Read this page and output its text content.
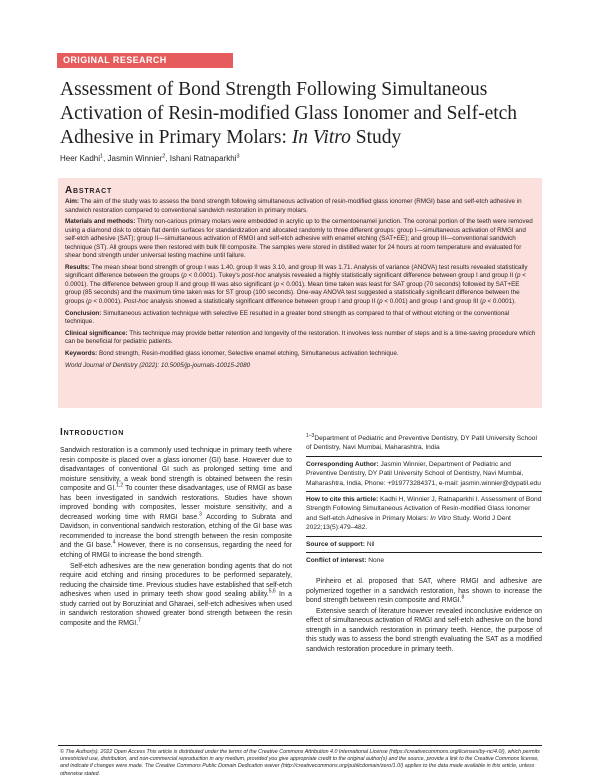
ORIGINAL RESEARCH
Assessment of Bond Strength Following Simultaneous Activation of Resin-modified Glass Ionomer and Self-etch Adhesive in Primary Molars: In Vitro Study
Heer Kadhi$^1$, Jasmin Winnier$^2$, Ishani Ratnaparkhi$^3$
Abstract

Aim: The aim of the study was to assess the bond strength following simultaneous activation of resin-modified glass ionomer (RMGI) base and self-etch adhesive in sandwich restoration compared to conventional sandwich restoration in primary molars.

Materials and methods: Thirty non-carious primary molars were embedded in acrylic up to the cementoenamel junction. The coronal portion of the teeth were removed using a diamond disk to obtain flat dentin surfaces for standardization and allocated randomly to three different groups: group I—simultaneous activation of RMGI and self-etch adhesive (SAT); group II—simultaneous activation of RMGI and self-etch adhesive with enamel etching (SAT+EE); and group III—conventional sandwich technique (ST). All groups were then restored with bulk fill composite. The samples were stored in distilled water for 24 hours at room temperature and evaluated for shear bond strength under universal testing machine until failure.

Results: The mean shear bond strength of group I was 1.40, group II was 3.10, and group III was 1.71. Analysis of variance (ANOVA) test results revealed statistically significant difference between the groups (p < 0.0001). Tukey's post-hoc analysis revealed a highly statistically significant difference between group I and group II (p < 0.0001). The difference between group II and group III was also significant (p < 0.001). Mean time taken was least for SAT group (70 seconds) followed by SAT+EE group (85 seconds) and the maximum time taken was for ST group (100 seconds). One-way ANOVA test suggested a statistically significant difference between the groups (p < 0.0001). Post-hoc analysis showed a statistically significant difference between group I and group II (p < 0.001) and group I and group III (p < 0.0001).

Conclusion: Simultaneous activation technique with selective EE resulted in a greater bond strength as compared to that of without etching or the conventional technique.

Clinical significance: This technique may provide better retention and longevity of the restoration. It involves less number of steps and is a time-saving procedure which can be beneficial for pediatric patients.

Keywords: Bond strength, Resin-modified glass ionomer, Selective enamel etching, Simultaneous activation technique.

World Journal of Dentistry (2022): 10.5005/jp-journals-10015-2080

Introduction

Sandwich restoration is a commonly used technique in primary teeth where resin composite is placed over a glass ionomer (GI) base. However due to disadvantages of conventional GI such as prolonged setting time and moisture sensitivity, a weak bond strength is obtained between the resin composite and GI.$^{1,2}$ To counter these disadvantages, use of RMGI as base has been investigated in sandwich restorations. Studies have shown improved bonding with composites, lesser moisture sensitivity, and a decreased working time with RMGI base.$^3$ According to Subrata and Davidson, in conventional sandwich restoration, etching of the GI base was recommended to increase the bond strength between the resin composite and the GI base.$^4$ However, there is no consensus, regarding the need for etching of RMGI to increase the bond strength.

Self-etch adhesives are the new generation bonding agents that do not require acid etching and rinsing procedures to be performed separately, reducing the chairside time. Previous studies have established that self-etch adhesives when used in primary teeth show good sealing ability.$^{5,6}$ In a study carried out by Boruziniat and Gharaei, self-etch adhesives when used in sandwich restoration showed greater bond strength between the resin composite and the RMGI.$^7$

$^{1-3}$Department of Pediatric and Preventive Dentistry, DY Patil University School of Dentistry, Navi Mumbai, Maharashtra, India

Corresponding Author: Jasmin Winnier, Department of Pediatric and Preventive Dentistry, DY Patil University School of Dentistry, Navi Mumbai, Maharashtra, India, Phone: +919773284371, e-mail: jasmin.winnier@dypatil.edu

How to cite this article: Kadhi H, Winnier J, Ratnaparkhi I. Assessment of Bond Strength Following Simultaneous Activation of Resin-modified Glass Ionomer and Self-etch Adhesive in Primary Molars: In Vitro Study. World J Dent 2022;13(5):479–482.

Source of support: Nil

Conflict of interest: None

Pinheiro et al. proposed that SAT, where RMGI and adhesive are polymerized together in a sandwich restoration, has shown to increase the bond strength between resin composite and RMGI.$^8$

Extensive search of literature however revealed inconclusive evidence on effect of simultaneous activation of RMGI and self-etch adhesive on the bond strength in a sandwich restoration in primary teeth. Hence, the purpose of this study was to assess the bond strength evaluating the SAT as a modified sandwich restoration procedure in primary teeth.

© The Author(s). 2022 Open Access This article is distributed under the terms of the Creative Commons Attribution 4.0 International License (https://creativecommons.org/licenses/by-nc/4.0/), which permits unrestricted use, distribution, and non-commercial reproduction in any medium, provided you give appropriate credit to the original author(s) and the source, provide a link to the Creative Commons license, and indicate if changes were made. The Creative Commons Public Domain Dedication waiver (http://creativecommons.org/publicdomain/zero/1.0/) applies to the data made available in this article, unless otherwise stated.
